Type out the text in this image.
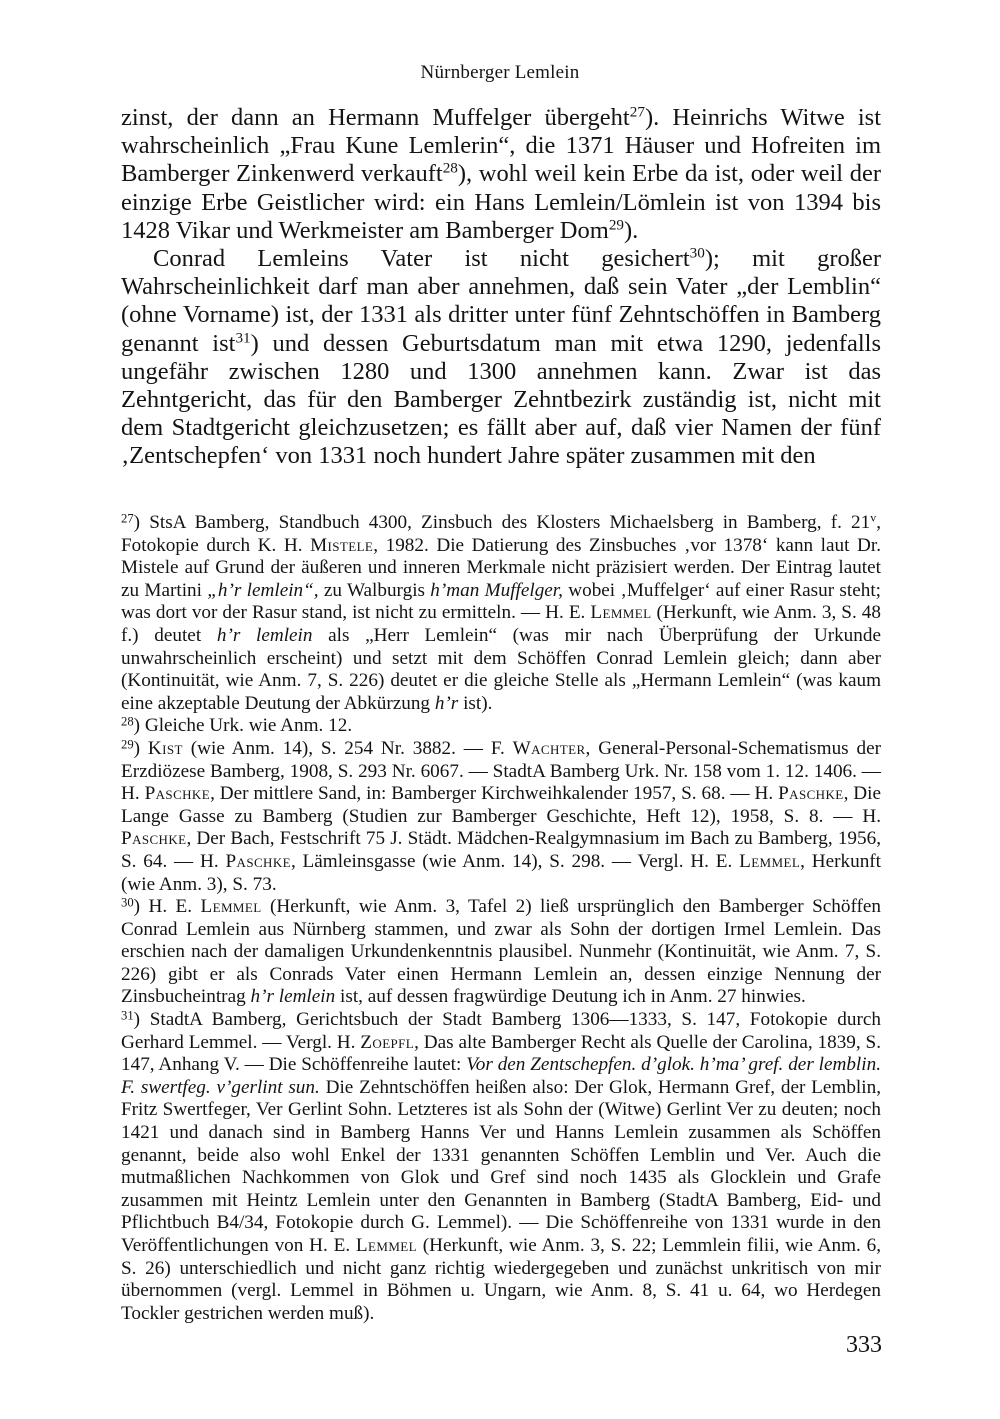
Nürnberger Lemlein

zinst, der dann an Hermann Muffelger übergeht$^{27}$). Heinrichs Witwe ist wahrscheinlich „Frau Kune Lemlerin“, die 1371 Häuser und Hofreiten im Bamberger Zinkenwerd verkauft$^{28}$), wohl weil kein Erbe da ist, oder weil der einzige Erbe Geistlicher wird: ein Hans Lemlein/Lömlein ist von 1394 bis 1428 Vikar und Werkmeister am Bamberger Dom$^{29}$).

Conrad Lemleins Vater ist nicht gesichert$^{30}$); mit großer Wahrscheinlichkeit darf man aber annehmen, daß sein Vater „der Lemblin“ (ohne Vorname) ist, der 1331 als dritter unter fünf Zehntschöffen in Bamberg genannt ist$^{31}$) und dessen Geburtsdatum man mit etwa 1290, jedenfalls ungefähr zwischen 1280 und 1300 annehmen kann. Zwar ist das Zehntgericht, das für den Bamberger Zehntbezirk zuständig ist, nicht mit dem Stadtgericht gleichzusetzen; es fällt aber auf, daß vier Namen der fünf ‚Zentschepfen‘ von 1331 noch hundert Jahre später zusammen mit den

$^{27}$) StsA Bamberg, Standbuch 4300, Zinsbuch des Klosters Michaelsberg in Bamberg, f. 21$^v$, Fotokopie durch K. H. Mistele, 1982. Die Datierung des Zinsbuches ‚vor 1378‘ kann laut Dr. Mistele auf Grund der äußeren und inneren Merkmale nicht präzisiert werden. Der Eintrag lautet zu Martini „h’r lemlein“, zu Walburgis h’man Muffelger, wobei ‚Muffelger‘ auf einer Rasur steht; was dort vor der Rasur stand, ist nicht zu ermitteln. — H. E. Lemmel (Herkunft, wie Anm. 3, S. 48 f.) deutet h’r lemlein als „Herr Lemlein“ (was mir nach Überprüfung der Urkunde unwahrscheinlich erscheint) und setzt mit dem Schöffen Conrad Lemlein gleich; dann aber (Kontinuität, wie Anm. 7, S. 226) deutet er die gleiche Stelle als „Hermann Lemlein“ (was kaum eine akzeptable Deutung der Abkürzung h’r ist).

$^{28}$) Gleiche Urk. wie Anm. 12.

$^{29}$) Kist (wie Anm. 14), S. 254 Nr. 3882. — F. Wachter, General-Personal-Schematismus der Erzdiözese Bamberg, 1908, S. 293 Nr. 6067. — StadtA Bamberg Urk. Nr. 158 vom 1. 12. 1406. — H. Paschke, Der mittlere Sand, in: Bamberger Kirchweihkalender 1957, S. 68. — H. Paschke, Die Lange Gasse zu Bamberg (Studien zur Bamberger Geschichte, Heft 12), 1958, S. 8. — H. Paschke, Der Bach, Festschrift 75 J. Städt. Mädchen-Realgymnasium im Bach zu Bamberg, 1956, S. 64. — H. Paschke, Lämleinsgasse (wie Anm. 14), S. 298. — Vergl. H. E. Lemmel, Herkunft (wie Anm. 3), S. 73.

$^{30}$) H. E. Lemmel (Herkunft, wie Anm. 3, Tafel 2) ließ ursprünglich den Bamberger Schöffen Conrad Lemlein aus Nürnberg stammen, und zwar als Sohn der dortigen Irmel Lemlein. Das erschien nach der damaligen Urkundenkenntnis plausibel. Nunmehr (Kontinuität, wie Anm. 7, S. 226) gibt er als Conrads Vater einen Hermann Lemlein an, dessen einzige Nennung der Zinsbucheintrag h’r lemlein ist, auf dessen fragwürdige Deutung ich in Anm. 27 hinwies.

$^{31}$) StadtA Bamberg, Gerichtsbuch der Stadt Bamberg 1306—1333, S. 147, Fotokopie durch Gerhard Lemmel. — Vergl. H. Zoepfl, Das alte Bamberger Recht als Quelle der Carolina, 1839, S. 147, Anhang V. — Die Schöffenreihe lautet: Vor den Zentschepfen. d’glok. h’ma’ gref. der lemblin. F. swertfeg. v’gerlint sun. Die Zehntschöffen heißen also: Der Glok, Hermann Gref, der Lemblin, Fritz Swertfeger, Ver Gerlint Sohn. Letzteres ist als Sohn der (Witwe) Gerlint Ver zu deuten; noch 1421 und danach sind in Bamberg Hanns Ver und Hanns Lemlein zusammen als Schöffen genannt, beide also wohl Enkel der 1331 genannten Schöffen Lemblin und Ver. Auch die mutmaßlichen Nachkommen von Glok und Gref sind noch 1435 als Glocklein und Grafe zusammen mit Heintz Lemlein unter den Genannten in Bamberg (StadtA Bamberg, Eid- und Pflichtbuch B4/34, Fotokopie durch G. Lemmel). — Die Schöffenreihe von 1331 wurde in den Veröffentlichungen von H. E. Lemmel (Herkunft, wie Anm. 3, S. 22; Lemmlein filii, wie Anm. 6, S. 26) unterschiedlich und nicht ganz richtig wiedergegeben und zunächst unkritisch von mir übernommen (vergl. Lemmel in Böhmen u. Ungarn, wie Anm. 8, S. 41 u. 64, wo Herdegen Tockler gestrichen werden muß).

333
